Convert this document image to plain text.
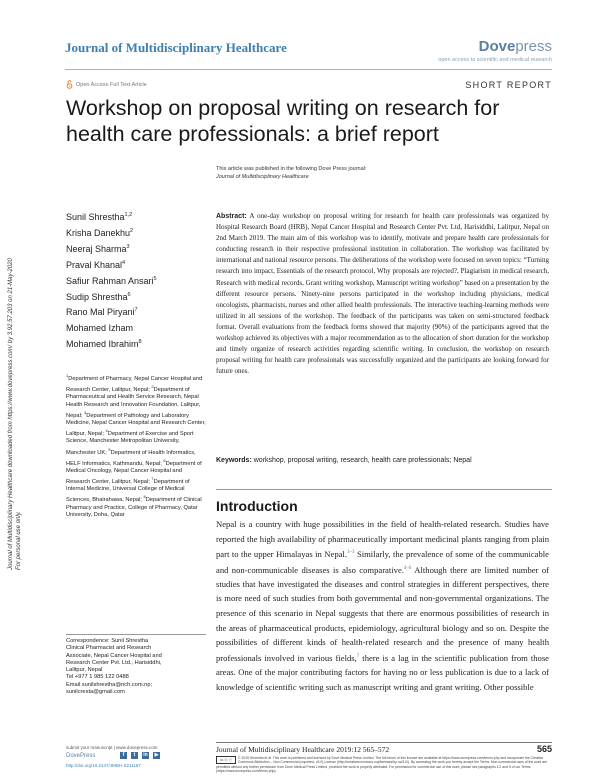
Journal of Multidisciplinary Healthcare	Dovepress
open access to scientific and medical research
Open Access Full Text Article	SHORT REPORT
Workshop on proposal writing on research for health care professionals: a brief report
This article was published in the following Dove Press journal:
Journal of Multidisciplinary Healthcare
Sunil Shrestha$^{1,2}$
Krisha Danekhu$^2$
Neeraj Sharma$^3$
Praval Khanal$^4$
Safiur Rahman Ansari$^5$
Sudip Shrestha$^6$
Rano Mal Piryani$^7$
Mohamed Izham
Mohamed Ibrahim$^8$
$^1$Department of Pharmacy, Nepal Cancer Hospital and Research Center, Lalitpur, Nepal; $^2$Department of Pharmaceutical and Health Service Research, Nepal Health Research and Innovation Foundation, Lalitpur, Nepal; $^3$Department of Pathology and Laboratory Medicine, Nepal Cancer Hospital and Research Center, Lalitpur, Nepal; $^4$Department of Exercise and Sport Science, Manchester Metropolitan University, Manchester UK; $^5$Department of Health Informatics, HELF Informatics, Kathmandu, Nepal; $^6$Department of Medical Oncology, Nepal Cancer Hospital and Research Center, Lalitpur, Nepal; $^7$Department of Internal Medicine, Universal College of Medical Sciences, Bhairahawa, Nepal; $^8$Department of Clinical Pharmacy and Practice, College of Pharmacy, Qatar University, Doha, Qatar
Abstract: A one-day workshop on proposal writing for research for health care professionals was organized by Hospital Research Board (HRB), Nepal Cancer Hospital and Research Center Pvt. Ltd, Harisiddhi, Lalitpur, Nepal on 2nd March 2019. The main aim of this workshop was to identify, motivate and prepare health care professionals for conducting research in their respective professional institution in collaboration. The workshop was facilitated by international and national resource persons. The deliberations of the workshop were focused on seven topics: “Turning research into impact, Essentials of the research protocol, Why proposals are rejected?, Plagiarism in medical research, Research with medical records, Grant writing workshop, Manuscript writing workshop” based on a presentation by the different resource persons. Ninety-nine persons participated in the workshop including physicians, medical oncologists, pharmacists, nurses and other allied health professionals. The interactive teaching-learning methods were utilized in all sessions of the workshop. The feedback of the participants was taken on semi-structured feedback format. Overall evaluations from the feedback forms showed that majority (90%) of the participants agreed that the workshop achieved its objectives with a major recommendation as to the allocation of short duration for the workshop and timely organize of research activities regarding scientific writing. In conclusion, the workshop on research proposal writing for health care professionals was successfully organized and the participants are looking forward for future ones.
Keywords: workshop, proposal writing, research, health care professionals; Nepal
Introduction
Nepal is a country with huge possibilities in the field of health-related research. Studies have reported the high availability of pharmaceutically important medicinal plants ranging from plain part to the upper Himalayas in Nepal.$^{1-3}$ Similarly, the prevalence of some of the communicable and non-communicable diseases is also comparative.$^{4-6}$ Although there are limited number of studies that have investigated the diseases and control strategies in different perspectives, there is more need of such studies from both governmental and non-governmental organizations. The presence of this scenario in Nepal suggests that there are enormous possibilities of research in the areas of pharmaceutical products, epidemiology, agricultural biology and so on. Despite the possibilities of different kinds of health-related research and the presence of many health professionals involved in various fields,$^7$ there is a lag in the scientific publication from those areas. One of the major contributing factors for having no or less publication is due to a lack of knowledge of scientific writing such as manuscript writing and grant writing. Other possible
Correspondence: Sunil Shrestha
Clinical Pharmacist and Research
Associate, Nepal Cancer Hospital and
Research Center Pvt. Ltd., Harisiddhi,
Lalitpur, Nepal
Tel +977 1 985 122 0488
Email sunilshrestha@nch.com.np;
sunilcresta@gmail.com
Journal of Multidisciplinary Healthcare downloaded from https://www.dovepress.com/ by 3.92.57.203 on 21-May-2020 For personal use only.
Journal of Multidisciplinary Healthcare 2019:12 565–572	565
cc ⓑ ⓢ	© 2019 Shrestha et al. This work is published and licensed by Dove Medical Press Limited. The full terms of this license are available at https://www.dovepress.com/terms.php and incorporate the Creative Commons Attribution – Non Commercial (unported, v3.0) License (http://creativecommons.org/licenses/by-nc/3.0/). By accessing the work you hereby accept the Terms. Non-commercial uses of the work are permitted without any further permission from Dove Medical Press Limited, provided the work is properly attributed. For permission for commercial use of this work, please see paragraphs 4.2 and 5 of our Terms (https://www.dovepress.com/terms.php).
submit your manuscript | www.dovepress.com
DovePress	f	t	in	▶
http://doi.org/10.2147/JMDH.S211187
